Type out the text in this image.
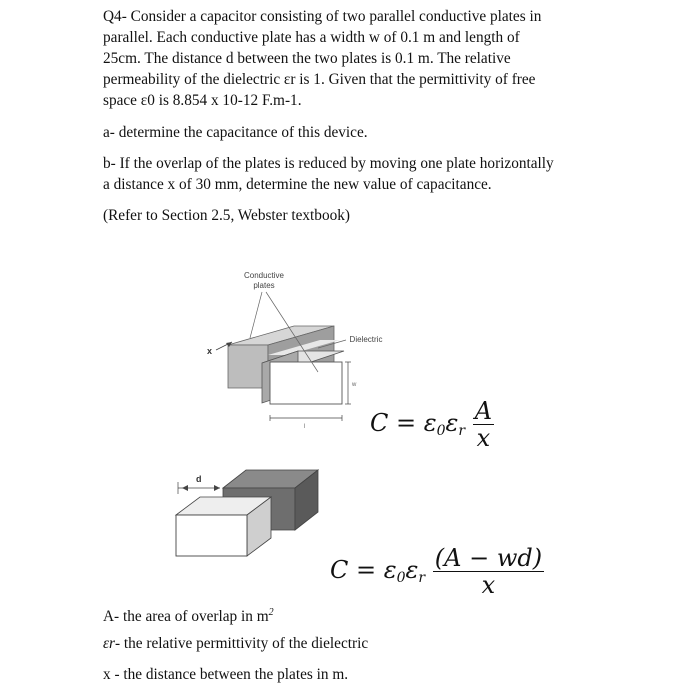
Q4- Consider a capacitor consisting of two parallel conductive plates in
parallel. Each conductive plate has a width w of 0.1 m and length of
25cm. The distance d between the two plates is 0.1 m. The relative
permeability of the dielectric εr is 1. Given that the permittivity of free
space ε0 is 8.854 x 10-12 F.m-1.
a- determine the capacitance of this device.
b- If the overlap of the plates is reduced by moving one plate horizontally
a distance x of 30 mm, determine the new value of capacitance.
(Refer to Section 2.5, Webster textbook)
Conductive
plates
Dielectric
x
w
l
d
$C = \varepsilon_0\varepsilon_r \frac{A}{x}$
$C = \varepsilon_0\varepsilon_r \frac{(A - wd)}{x}$
A- the area of overlap in $m^2$
εr- the relative permittivity of the dielectric
x - the distance between the plates in m.
